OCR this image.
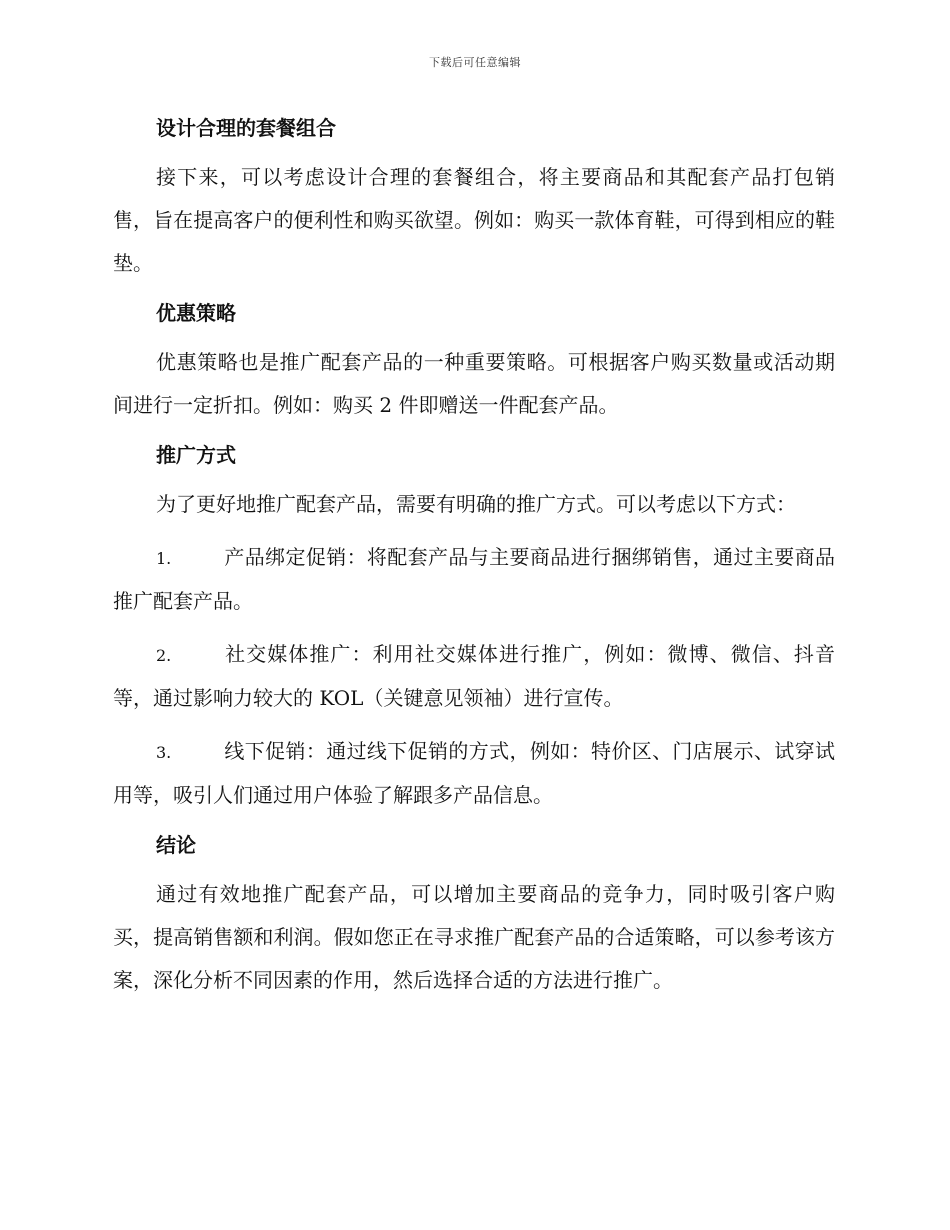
下载后可任意编辑
设计合理的套餐组合

接下来，可以考虑设计合理的套餐组合，将主要商品和其配套产品打包销售，旨在提高客户的便利性和购买欲望。例如：购买一款体育鞋，可得到相应的鞋垫。

优惠策略

优惠策略也是推广配套产品的一种重要策略。可根据客户购买数量或活动期间进行一定折扣。例如：购买 2 件即赠送一件配套产品。

推广方式

为了更好地推广配套产品，需要有明确的推广方式。可以考虑以下方式：

1.	产品绑定促销：将配套产品与主要商品进行捆绑销售，通过主要商品推广配套产品。

2.	社交媒体推广：利用社交媒体进行推广，例如：微博、微信、抖音等，通过影响力较大的 KOL（关键意见领袖）进行宣传。

3.	线下促销：通过线下促销的方式，例如：特价区、门店展示、试穿试用等，吸引人们通过用户体验了解跟多产品信息。

结论

通过有效地推广配套产品，可以增加主要商品的竞争力，同时吸引客户购买，提高销售额和利润。假如您正在寻求推广配套产品的合适策略，可以参考该方案，深化分析不同因素的作用，然后选择合适的方法进行推广。
